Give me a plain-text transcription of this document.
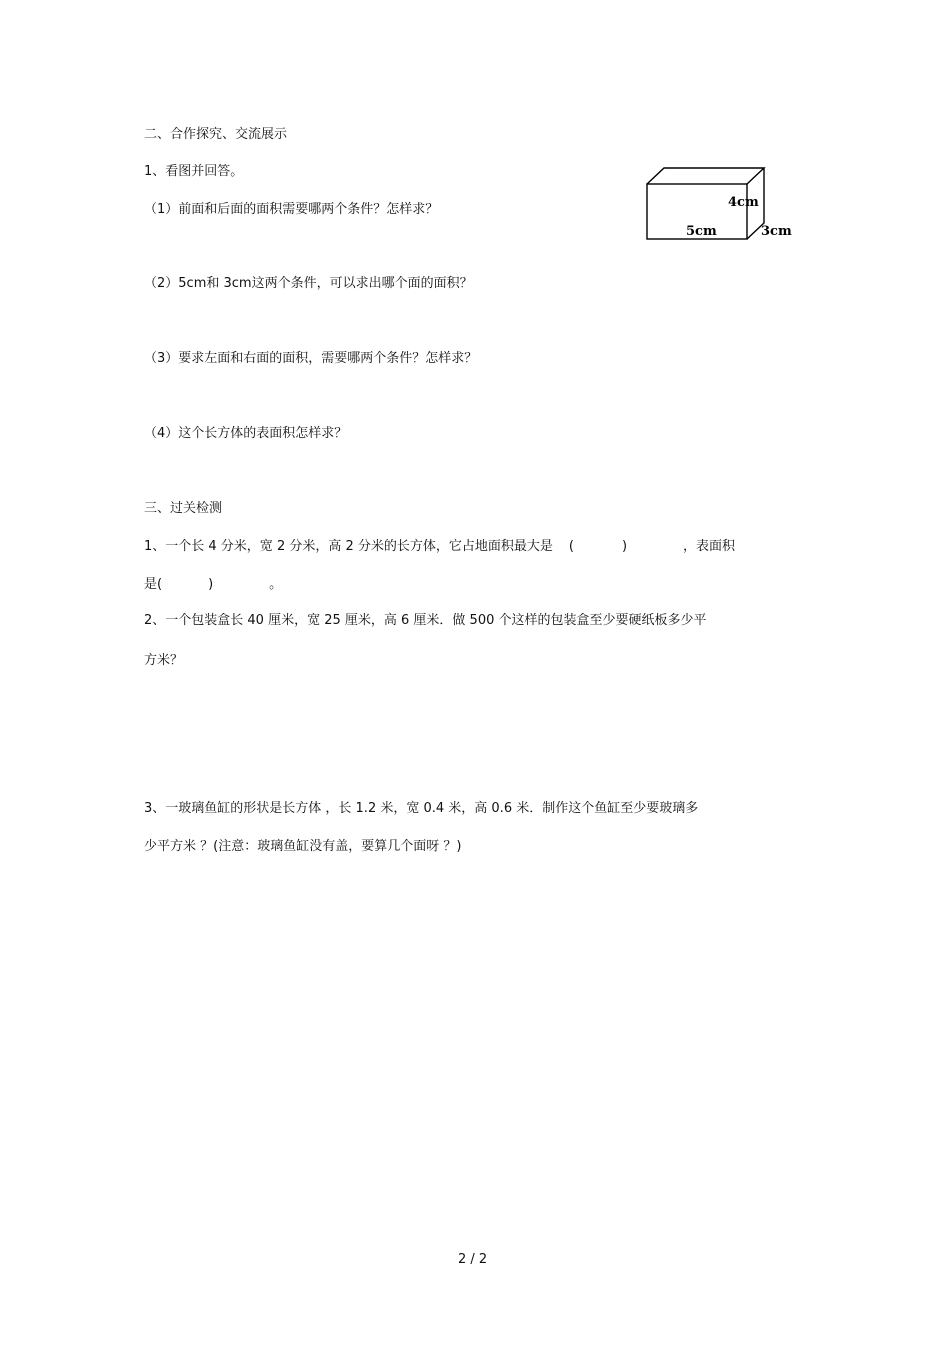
二、合作探究、交流展示
1、看图并回答。
（1）前面和后面的面积需要哪两个条件？怎样求？	4cm
5cm	3cm
（2）5cm和 3cm这两个条件，可以求出哪个面的面积？
（3）要求左面和右面的面积，需要哪两个条件？怎样求？
（4）这个长方体的表面积怎样求？
三、过关检测
1、一个长 4 分米，宽 2 分米，高 2 分米的长方体，它占地面积最大是 (	)	，表面积
是(	)	。
2、一个包装盒长 40 厘米，宽 25 厘米，高 6 厘米．做 500 个这样的包装盒至少要硬纸板多少平
方米？
3、一玻璃鱼缸的形状是长方体 ，长 1.2 米，宽 0.4 米，高 0.6 米．制作这个鱼缸至少要玻璃多
少平方米 ？(注意：玻璃鱼缸没有盖，要算几个面呀 ？)
2 / 2
